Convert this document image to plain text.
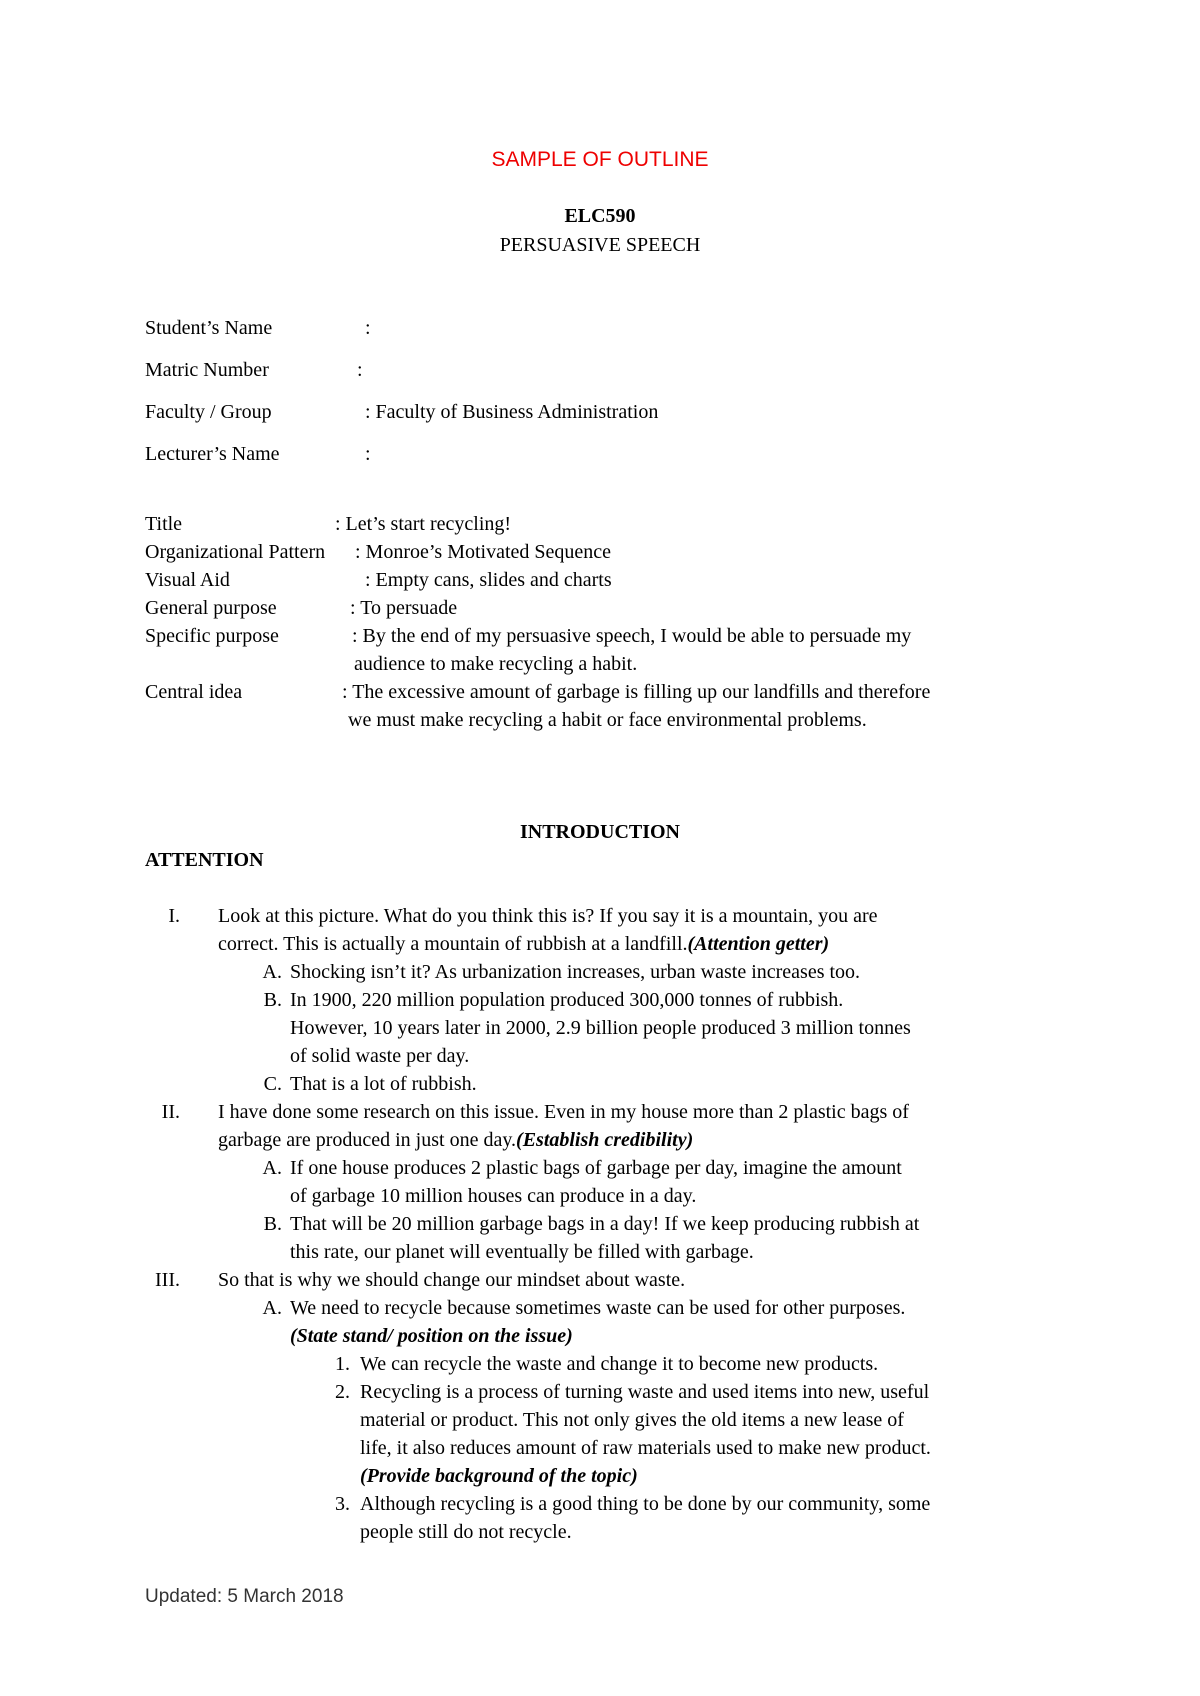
SAMPLE OF OUTLINE
ELC590
PERSUASIVE SPEECH
Student’s Name	:
Matric Number	:
Faculty / Group	: Faculty of Business Administration
Lecturer’s Name	:
Title	: Let’s start recycling!
Organizational Pattern : Monroe’s Motivated Sequence
Visual Aid	: Empty cans, slides and charts
General purpose	: To persuade
Specific purpose	: By the end of my persuasive speech, I would be able to persuade my
audience to make recycling a habit.
Central idea	: The excessive amount of garbage is filling up our landfills and therefore
we must make recycling a habit or face environmental problems.
INTRODUCTION
ATTENTION
I. Look at this picture. What do you think this is? If you say it is a mountain, you are
correct. This is actually a mountain of rubbish at a landfill.(Attention getter)
A. Shocking isn’t it? As urbanization increases, urban waste increases too.
B. In 1900, 220 million population produced 300,000 tonnes of rubbish.
However, 10 years later in 2000, 2.9 billion people produced 3 million tonnes
of solid waste per day.
C. That is a lot of rubbish.
II. I have done some research on this issue. Even in my house more than 2 plastic bags of
garbage are produced in just one day.(Establish credibility)
A. If one house produces 2 plastic bags of garbage per day, imagine the amount
of garbage 10 million houses can produce in a day.
B. That will be 20 million garbage bags in a day! If we keep producing rubbish at
this rate, our planet will eventually be filled with garbage.
III. So that is why we should change our mindset about waste.
A. We need to recycle because sometimes waste can be used for other purposes.
(State stand/ position on the issue)
1. We can recycle the waste and change it to become new products.
2. Recycling is a process of turning waste and used items into new, useful
material or product. This not only gives the old items a new lease of
life, it also reduces amount of raw materials used to make new product.
(Provide background of the topic)
3. Although recycling is a good thing to be done by our community, some
people still do not recycle.
Updated: 5 March 2018
